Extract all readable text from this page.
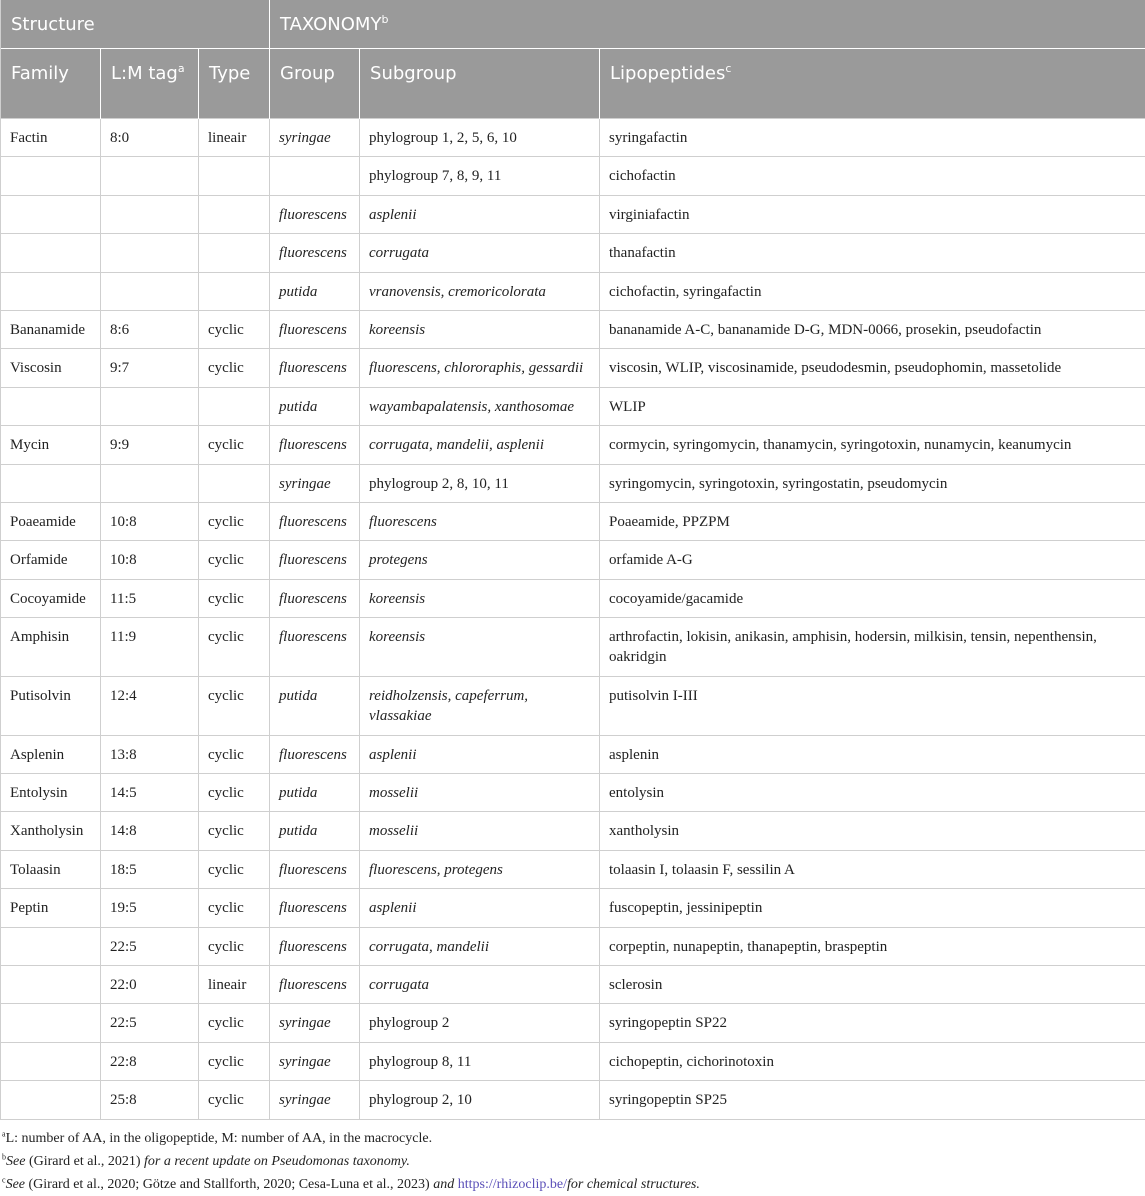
Structure			TAXONOMY$^b$
Family	L:M tag$^a$	Type	Group	Subgroup	Lipopeptides$^c$
Factin	8:0	lineair	syringae	phylogroup 1, 2, 5, 6, 10	syringafactin
				phylogroup 7, 8, 9, 11	cichofactin
			fluorescens	asplenii	virginiafactin
			fluorescens	corrugata	thanafactin
			putida	vranovensis, cremoricolorata	cichofactin, syringafactin
Bananamide	8:6	cyclic	fluorescens	koreensis	bananamide A-C, bananamide D-G, MDN-0066, prosekin, pseudofactin
Viscosin	9:7	cyclic	fluorescens	fluorescens, chlororaphis, gessardii	viscosin, WLIP, viscosinamide, pseudodesmin, pseudophomin, massetolide
			putida	wayambapalatensis, xanthosomae	WLIP
Mycin	9:9	cyclic	fluorescens	corrugata, mandelii, asplenii	cormycin, syringomycin, thanamycin, syringotoxin, nunamycin, keanumycin
			syringae	phylogroup 2, 8, 10, 11	syringomycin, syringotoxin, syringostatin, pseudomycin
Poaeamide	10:8	cyclic	fluorescens	fluorescens	Poaeamide, PPZPM
Orfamide	10:8	cyclic	fluorescens	protegens	orfamide A-G
Cocoyamide	11:5	cyclic	fluorescens	koreensis	cocoyamide/gacamide
Amphisin	11:9	cyclic	fluorescens	koreensis	arthrofactin, lokisin, anikasin, amphisin, hodersin, milkisin, tensin, nepenthensin, oakridgin
Putisolvin	12:4	cyclic	putida	reidholzensis, capeferrum, vlassakiae	putisolvin I-III
Asplenin	13:8	cyclic	fluorescens	asplenii	asplenin
Entolysin	14:5	cyclic	putida	mosselii	entolysin
Xantholysin	14:8	cyclic	putida	mosselii	xantholysin
Tolaasin	18:5	cyclic	fluorescens	fluorescens, protegens	tolaasin I, tolaasin F, sessilin A
Peptin	19:5	cyclic	fluorescens	asplenii	fuscopeptin, jessinipeptin
	22:5	cyclic	fluorescens	corrugata, mandelii	corpeptin, nunapeptin, thanapeptin, braspeptin
	22:0	lineair	fluorescens	corrugata	sclerosin
	22:5	cyclic	syringae	phylogroup 2	syringopeptin SP22
	22:8	cyclic	syringae	phylogroup 8, 11	cichopeptin, cichorinotoxin
	25:8	cyclic	syringae	phylogroup 2, 10	syringopeptin SP25
$^a$L: number of AA, in the oligopeptide, M: number of AA, in the macrocycle.
$^b$See (Girard et al., 2021) for a recent update on Pseudomonas taxonomy.
$^c$See (Girard et al., 2020; Götze and Stallforth, 2020; Cesa-Luna et al., 2023) and https://rhizoclip.be/for chemical structures.
